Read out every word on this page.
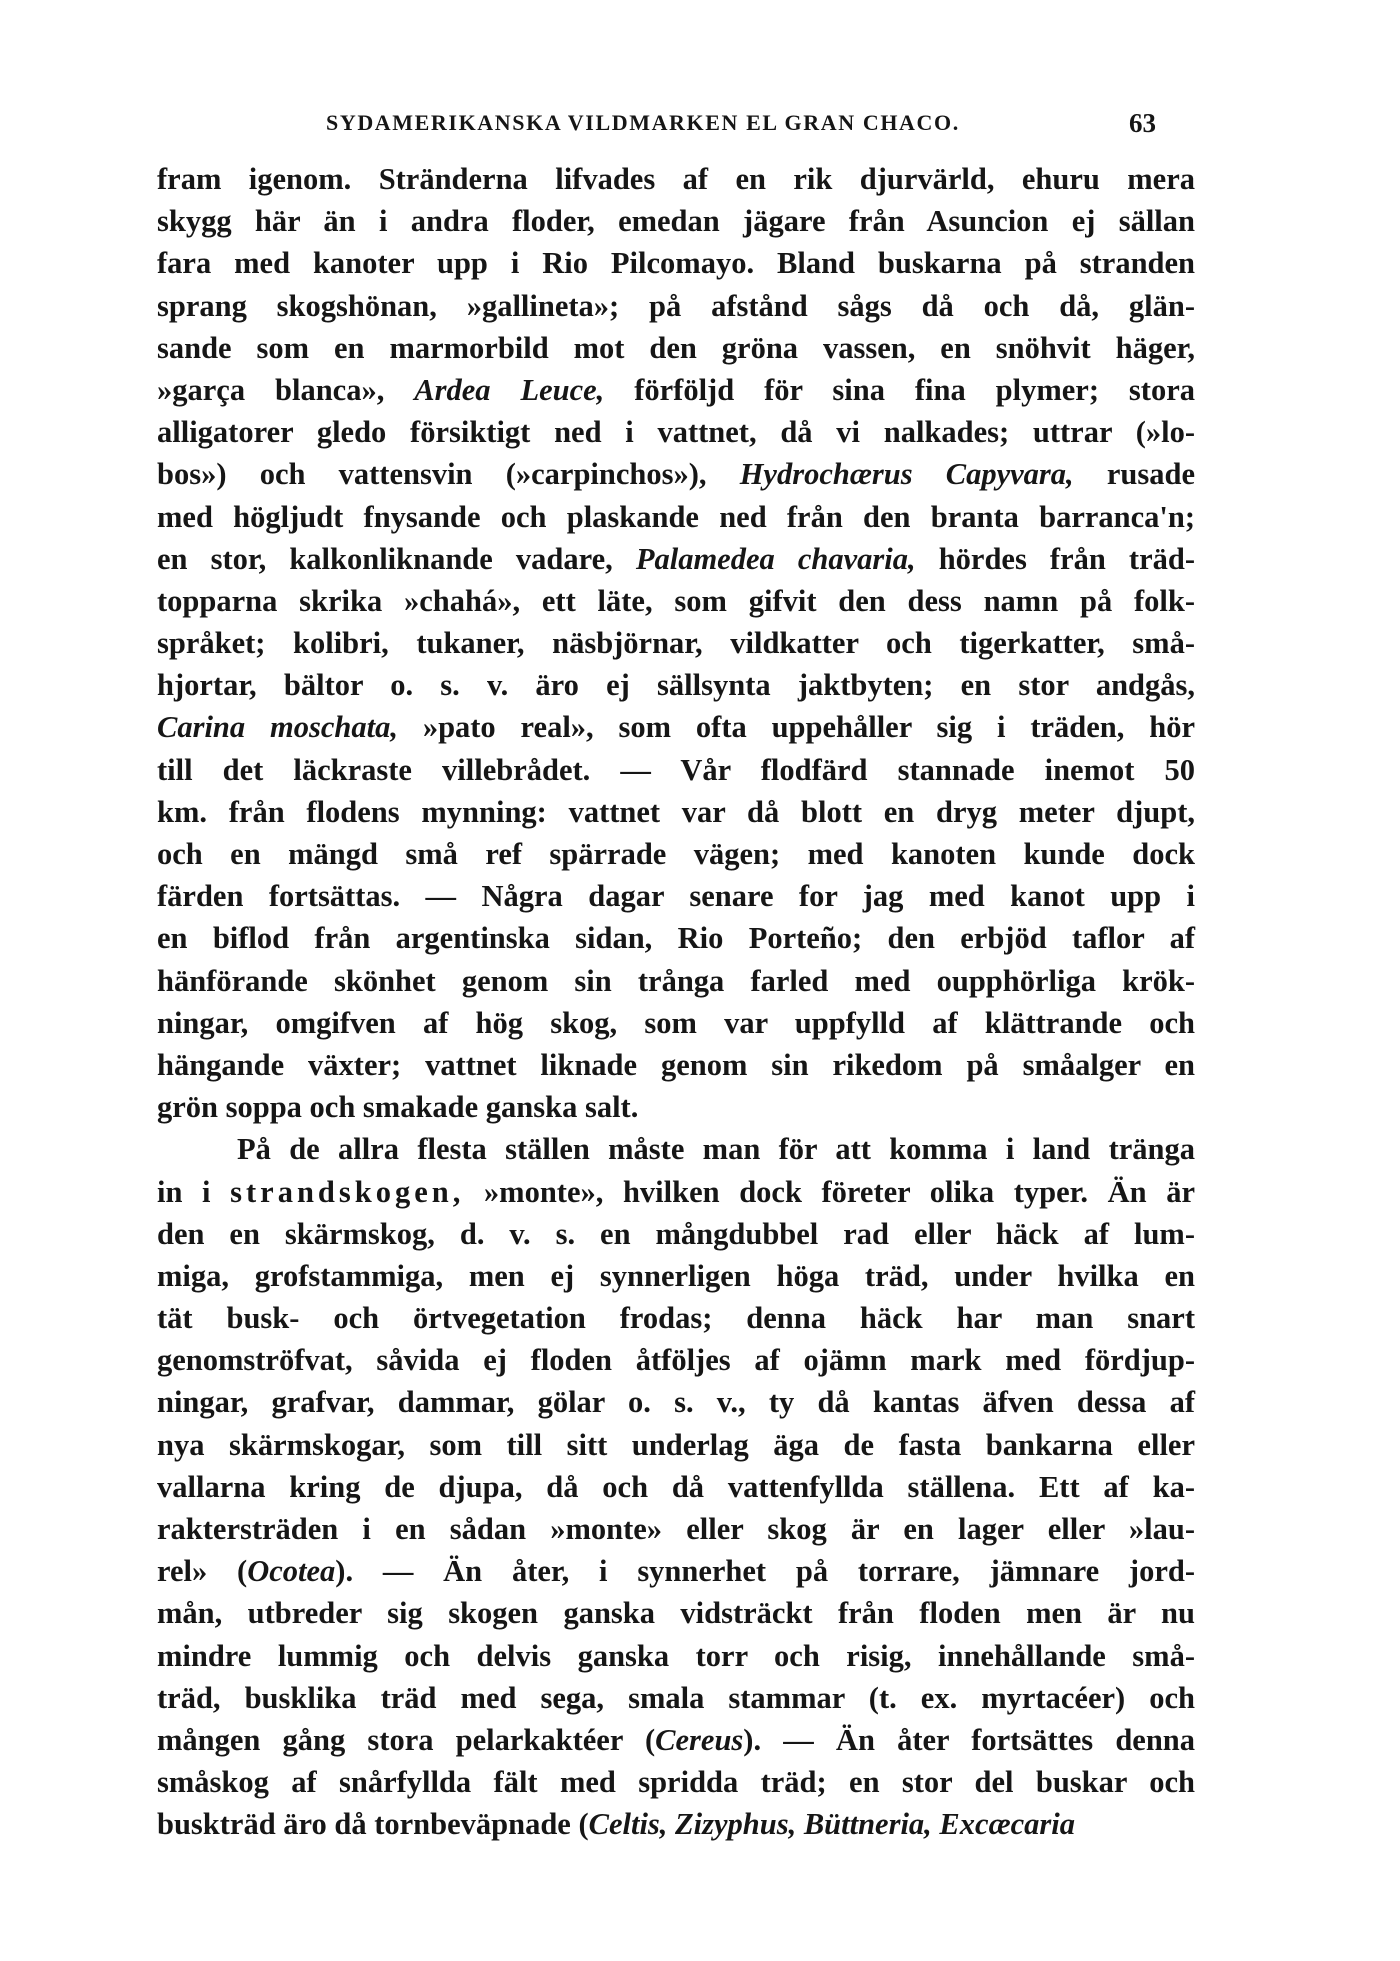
SYDAMERIKANSKA VILDMARKEN EL GRAN CHACO.	63
fram igenom. Stränderna lifvades af en rik djurvärld, ehuru mera
skygg här än i andra floder, emedan jägare från Asuncion ej sällan
fara med kanoter upp i Rio Pilcomayo. Bland buskarna på stranden
sprang skogshönan, »gallineta»; på afstånd sågs då och då, glän-
sande som en marmorbild mot den gröna vassen, en snöhvit häger,
»garça blanca», Ardea Leuce, förföljd för sina fina plymer; stora
alligatorer gledo försiktigt ned i vattnet, då vi nalkades; uttrar (»lo-
bos») och vattensvin (»carpinchos»), Hydrochærus Capyvara, rusade
med högljudt fnysande och plaskande ned från den branta barranca'n;
en stor, kalkonliknande vadare, Palamedea chavaria, hördes från träd-
topparna skrika »chahá», ett läte, som gifvit den dess namn på folk-
språket; kolibri, tukaner, näsbjörnar, vildkatter och tigerkatter, små-
hjortar, bältor o. s. v. äro ej sällsynta jaktbyten; en stor andgås,
Carina moschata, »pato real», som ofta uppehåller sig i träden, hör
till det läckraste villebrådet. — Vår flodfärd stannade inemot 50
km. från flodens mynning: vattnet var då blott en dryg meter djupt,
och en mängd små ref spärrade vägen; med kanoten kunde dock
färden fortsättas. — Några dagar senare for jag med kanot upp i
en biflod från argentinska sidan, Rio Porteño; den erbjöd taflor af
hänförande skönhet genom sin trånga farled med oupphörliga krök-
ningar, omgifven af hög skog, som var uppfylld af klättrande och
hängande växter; vattnet liknade genom sin rikedom på småalger en
grön soppa och smakade ganska salt.
På de allra flesta ställen måste man för att komma i land tränga
in i strandskogen, »monte», hvilken dock företer olika typer. Än är
den en skärmskog, d. v. s. en mångdubbel rad eller häck af lum-
miga, grofstammiga, men ej synnerligen höga träd, under hvilka en
tät busk- och örtvegetation frodas; denna häck har man snart
genomströfvat, såvida ej floden åtföljes af ojämn mark med fördjup-
ningar, grafvar, dammar, gölar o. s. v., ty då kantas äfven dessa af
nya skärmskogar, som till sitt underlag äga de fasta bankarna eller
vallarna kring de djupa, då och då vattenfyllda ställena. Ett af ka-
raktersträden i en sådan »monte» eller skog är en lager eller »lau-
rel» (Ocotea). — Än åter, i synnerhet på torrare, jämnare jord-
mån, utbreder sig skogen ganska vidsträckt från floden men är nu
mindre lummig och delvis ganska torr och risig, innehållande små-
träd, busklika träd med sega, smala stammar (t. ex. myrtacéer) och
mången gång stora pelarkaktéer (Cereus). — Än åter fortsättes denna
småskog af snårfyllda fält med spridda träd; en stor del buskar och
buskträd äro då tornbeväpnade (Celtis, Zizyphus, Büttneria, Excæcaria
